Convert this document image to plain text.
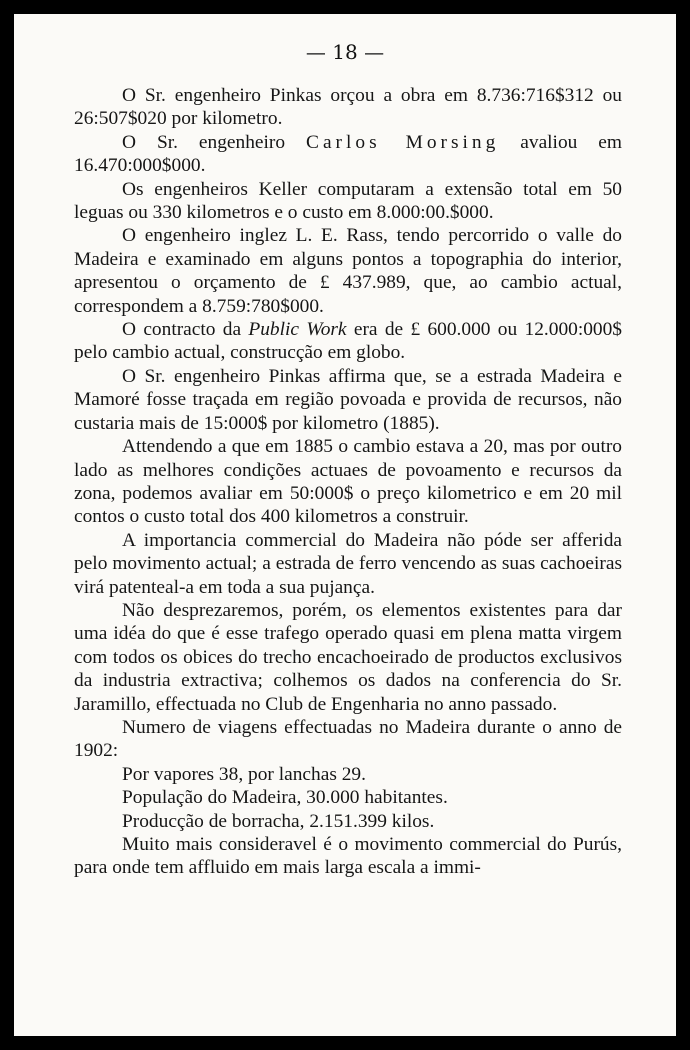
— 18 —

O Sr. engenheiro Pinkas orçou a obra em 8.736:716$312 ou 26:507$020 por kilometro.

O Sr. engenheiro Carlos Morsing avaliou em 16.470:000$000.

Os engenheiros Keller computaram a extensão total em 50 leguas ou 330 kilometros e o custo em 8.000:00.$000.

O engenheiro inglez L. E. Rass, tendo percorrido o valle do Madeira e examinado em alguns pontos a topographia do interior, apresentou o orçamento de £ 437.989, que, ao cambio actual, correspondem a 8.759:780$000.

O contracto da Public Work era de £ 600.000 ou 12.000:000$ pelo cambio actual, construcção em globo.

O Sr. engenheiro Pinkas affirma que, se a estrada Madeira e Mamoré fosse traçada em região povoada e provida de recursos, não custaria mais de 15:000$ por kilometro (1885).

Attendendo a que em 1885 o cambio estava a 20, mas por outro lado as melhores condições actuaes de povoamento e recursos da zona, podemos avaliar em 50:000$ o preço kilometrico e em 20 mil contos o custo total dos 400 kilometros a construir.

A importancia commercial do Madeira não póde ser afferida pelo movimento actual; a estrada de ferro vencendo as suas cachoeiras virá patenteal-a em toda a sua pujança.

Não desprezaremos, porém, os elementos existentes para dar uma idéa do que é esse trafego operado quasi em plena matta virgem com todos os obices do trecho encachoeirado de productos exclusivos da industria extractiva; colhemos os dados na conferencia do Sr. Jaramillo, effectuada no Club de Engenharia no anno passado.

Numero de viagens effectuadas no Madeira durante o anno de 1902:

Por vapores 38, por lanchas 29.

População do Madeira, 30.000 habitantes.

Producção de borracha, 2.151.399 kilos.

Muito mais consideravel é o movimento commercial do Purús, para onde tem affluido em mais larga escala a immi-
